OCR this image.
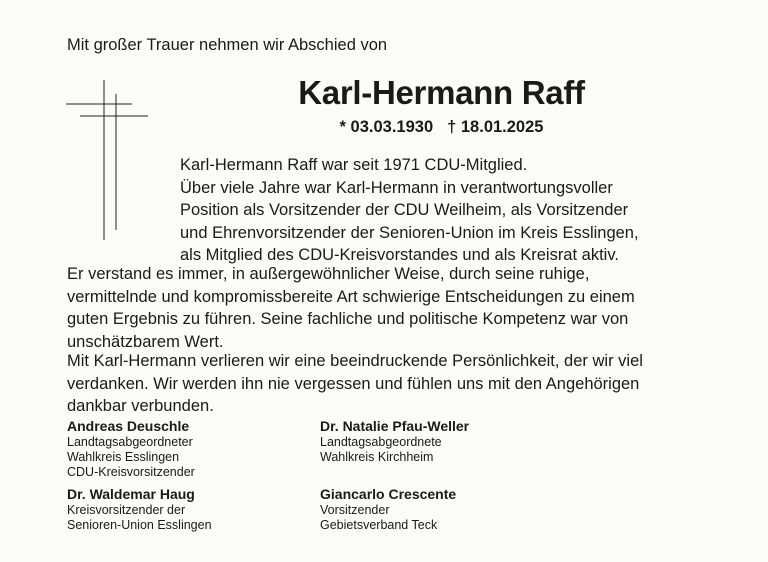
Mit großer Trauer nehmen wir Abschied von
Karl-Hermann Raff
* 03.03.1930 † 18.01.2025
Karl-Hermann Raff war seit 1971 CDU-Mitglied.
Über viele Jahre war Karl-Hermann in verantwortungsvoller
Position als Vorsitzender der CDU Weilheim, als Vorsitzender
und Ehrenvorsitzender der Senioren-Union im Kreis Esslingen,
als Mitglied des CDU-Kreisvorstandes und als Kreisrat aktiv.
Er verstand es immer, in außergewöhnlicher Weise, durch seine ruhige,
vermittelnde und kompromissbereite Art schwierige Entscheidungen zu einem
guten Ergebnis zu führen. Seine fachliche und politische Kompetenz war von
unschätzbarem Wert.
Mit Karl-Hermann verlieren wir eine beeindruckende Persönlichkeit, der wir viel
verdanken. Wir werden ihn nie vergessen und fühlen uns mit den Angehörigen
dankbar verbunden.
Andreas Deuschle
Landtagsabgeordneter
Wahlkreis Esslingen
CDU-Kreisvorsitzender
Dr. Natalie Pfau-Weller
Landtagsabgeordnete
Wahlkreis Kirchheim
Dr. Waldemar Haug
Kreisvorsitzender der
Senioren-Union Esslingen
Giancarlo Crescente
Vorsitzender
Gebietsverband Teck
